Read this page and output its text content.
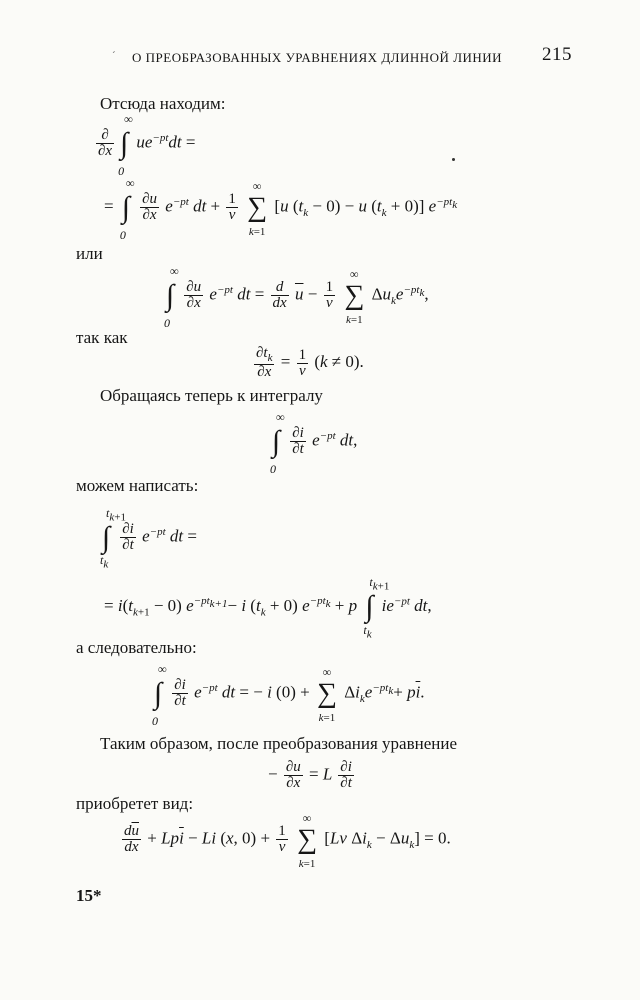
´ О ПРЕОБРАЗОВАННЫХ УРАВНЕНИЯХ ДЛИННОЙ ЛИНИИ 215
Отсюда находим:
$\frac{\partial}{\partial x}$ ∫
∞
0
$ue^{-pt}dt$ =
= ∫
∞
0

$\frac{\partial u}{\partial x} e^{-pt}$ dt + $\frac{1}{v}$ ∑
∞
k=1
[u $(t_k - 0) - u$ $(t_k + 0)$] $e^{-pt_k}$
или
∫
∞
0

$\frac{\partial u}{\partial x} e^{-pt}$ dt = $\frac{d}{dx} \overline{u} - \frac{1}{v}$ ∑
∞
k=1
$\Delta u_ke^{-pt_k}$,
так как
$\frac{\partial t_k}{\partial x} = \frac{1}{v} (k \ne 0)$.
Обращаясь теперь к интегралу
∫
∞
0

$\frac{\partial i}{\partial t} e^{-pt}$ dt,
можем написать:
∫
$t_{k+1}$
$t_k$

$\frac{\partial i}{\partial t} e^{-pt}$ dt =
= $i(t_{k+1} - 0)$ $e^{-pt_{k+1}}- i$ $(t_k + 0) e^{-pt_k} + p$ ∫
$t_{k+1}$
$t_k$
$ie^{-pt}$ dt,
а следовательно:
∫
∞
0

$\frac{\partial i}{\partial t} e^{-pt}$ dt = − i (0) + ∑
∞
k=1
$\Delta i_ke^{-pt_k}+ p\overline{i}$.
Таким образом, после преобразования уравнение
− $\frac{\partial u}{\partial x} = L \frac{\partial i}{\partial t}$
приобретет вид:
$\frac{d\overline{u}}{dx} + Lp\overline{i} - Li$ (x, $0) + \frac{1}{v}$ ∑
∞
k=1
[Lv $\Delta i_k - \Delta u_k] = 0$.
15*
